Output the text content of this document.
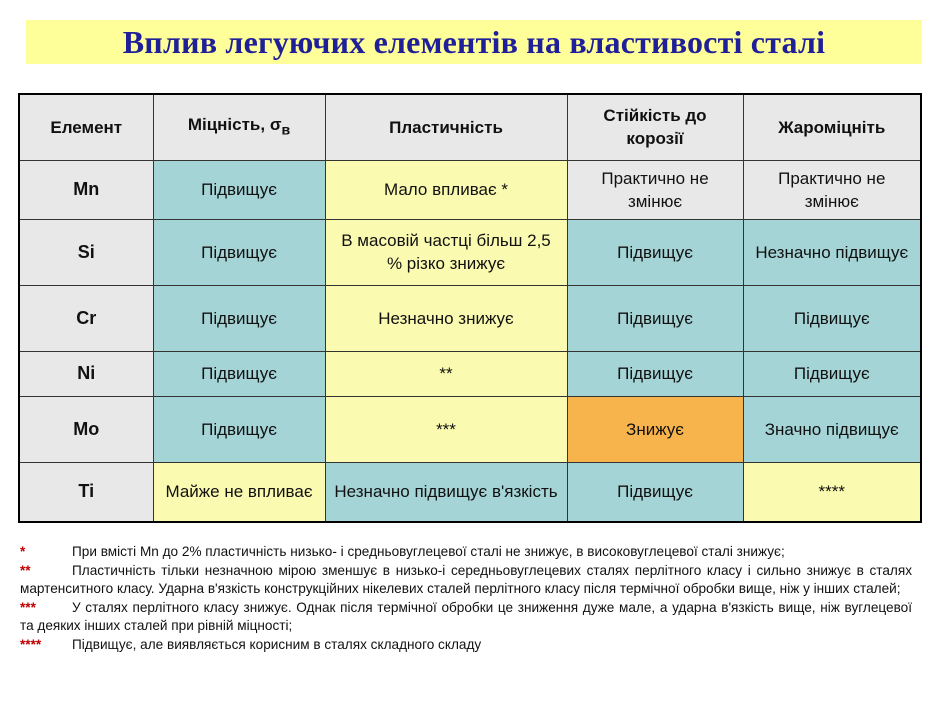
Вплив легуючих елементів на властивості сталі
Елемент	Міцність, $\sigma_в$	Пластичність	Стійкість до корозії	Жароміцніть
Mn	Підвищує	Мало впливає *	Практично не змінює	Практично не змінює
Si	Підвищує	В масовій частці більш 2,5 % різко знижує	Підвищує	Незначно підвищує
Cr	Підвищує	Незначно знижує	Підвищує	Підвищує
Ni	Підвищує	**	Підвищує	Підвищує
Mo	Підвищує	***	Знижує	Значно підвищує
Ti	Майже не впливає	Незначно підвищує в'язкість	Підвищує	****

*	При вмісті Mn до 2% пластичність низько- і средньовуглецевої сталі не знижує, в високовуглецевої сталі знижує;

**	Пластичність тільки незначною мірою зменшує в низько-і середньовуглецевих сталях перлітного класу і сильно знижує в сталях мартенситного класу. Ударна в'язкість конструкційних нікелевих сталей перлітного класу після термічної обробки вище, ніж у інших сталей;

***	У сталях перлітного класу знижує. Однак після термічної обробки це зниження дуже мале, а ударна в'язкість вище, ніж вуглецевої та деяких інших сталей при рівній міцності;

**** Підвищує, але виявляється корисним в сталях складного складу
